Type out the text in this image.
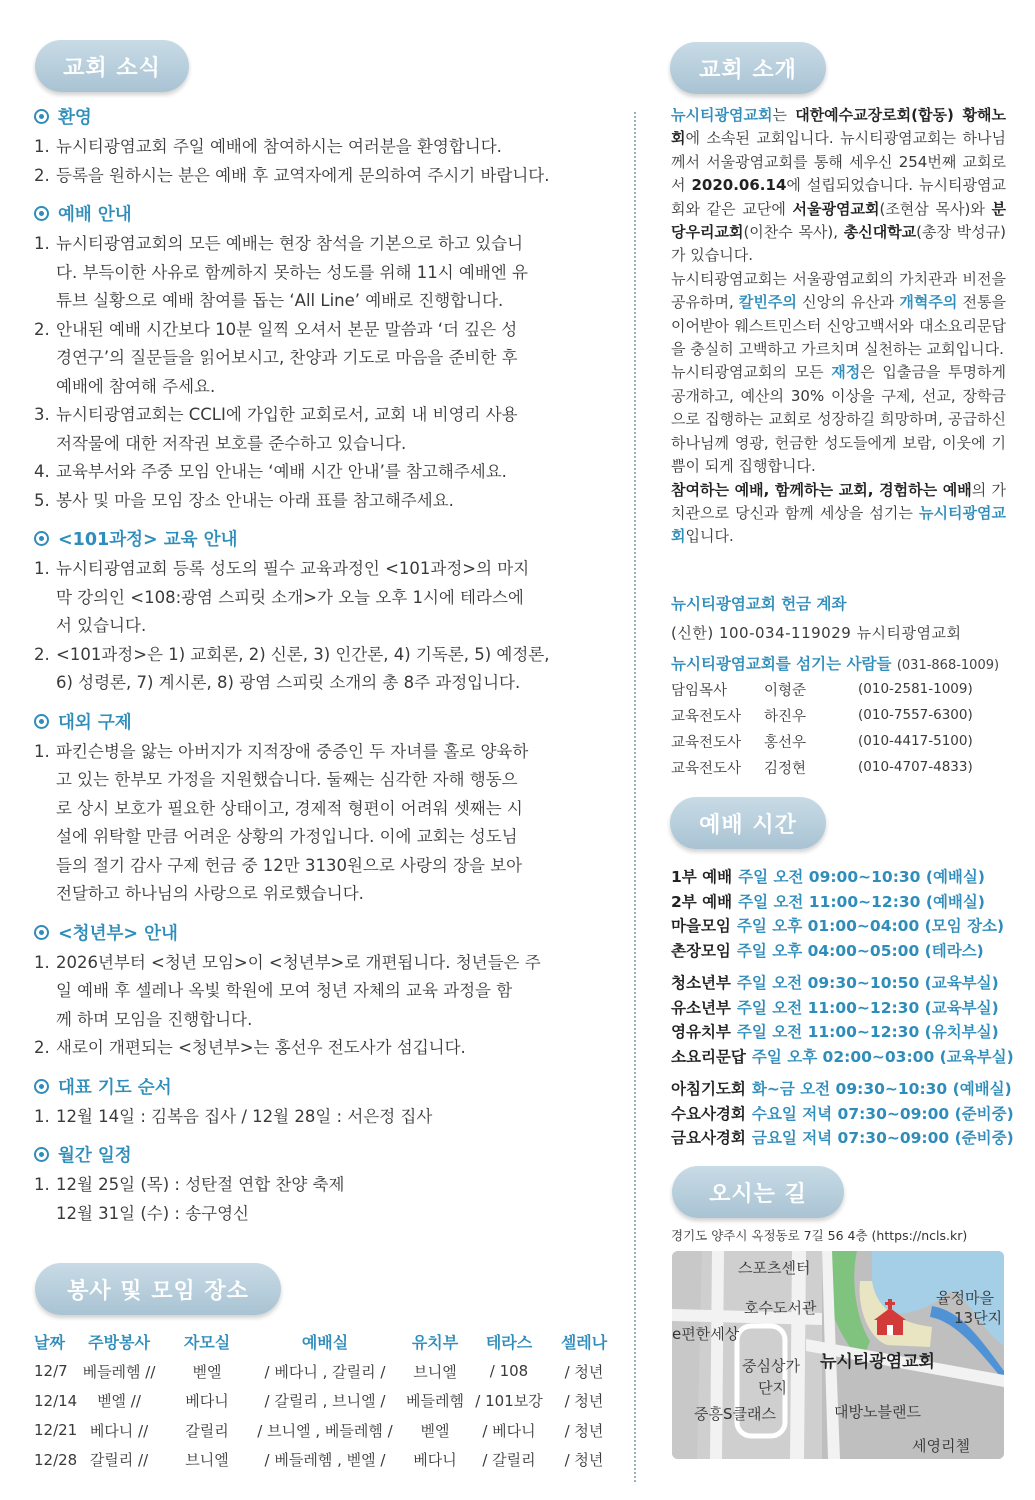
교회 소식	교회 소개
예배 시간
오시는 길
봉사 및 모임 장소
환영
1. 뉴시티광염교회 주일 예배에 참여하시는 여러분을 환영합니다.
2. 등록을 원하시는 분은 예배 후 교역자에게 문의하여 주시기 바랍니다.
예배 안내
1. 뉴시티광염교회의 모든 예배는 현장 참석을 기본으로 하고 있습니
다. 부득이한 사유로 함께하지 못하는 성도를 위해 11시 예배엔 유
튜브 실황으로 예배 참여를 돕는 ‘All Line’ 예배로 진행합니다.
2. 안내된 예배 시간보다 10분 일찍 오셔서 본문 말씀과 ‘더 깊은 성
경연구’의 질문들을 읽어보시고, 찬양과 기도로 마음을 준비한 후
예배에 참여해 주세요.
3. 뉴시티광염교회는 CCLI에 가입한 교회로서, 교회 내 비영리 사용
저작물에 대한 저작권 보호를 준수하고 있습니다.
4. 교육부서와 주중 모임 안내는 ‘예배 시간 안내’를 참고해주세요.
5. 봉사 및 마을 모임 장소 안내는 아래 표를 참고해주세요.
<101과정> 교육 안내
1. 뉴시티광염교회 등록 성도의 필수 교육과정인 <101과정>의 마지
막 강의인 <108:광염 스피릿 소개>가 오늘 오후 1시에 테라스에
서 있습니다.
2. <101과정>은 1) 교회론, 2) 신론, 3) 인간론, 4) 기독론, 5) 예정론,
6) 성령론, 7) 계시론, 8) 광염 스피릿 소개의 총 8주 과정입니다.
대외 구제
1. 파킨슨병을 앓는 아버지가 지적장애 중증인 두 자녀를 홀로 양육하
고 있는 한부모 가정을 지원했습니다. 둘째는 심각한 자해 행동으
로 상시 보호가 필요한 상태이고, 경제적 형편이 어려워 셋째는 시
설에 위탁할 만큼 어려운 상황의 가정입니다. 이에 교회는 성도님
들의 절기 감사 구제 헌금 중 12만 3130원으로 사랑의 장을 보아
전달하고 하나님의 사랑으로 위로했습니다.
<청년부> 안내
1. 2026년부터 <청년 모임>이 <청년부>로 개편됩니다. 청년들은 주
일 예배 후 셀레나 옥빛 학원에 모여 청년 자체의 교육 과정을 함
께 하며 모임을 진행합니다.
2. 새로이 개편되는 <청년부>는 홍선우 전도사가 섬깁니다.
대표 기도 순서
1. 12월 14일 : 김복음 집사 / 12월 28일 : 서은정 집사
월간 일정
1. 12월 25일 (목) : 성탄절 연합 찬양 축제
12월 31일 (수) : 송구영신
날짜	주방봉사	자모실	예배실	유치부	테라스	셀레나
12/7 베들레헴 //	벧엘	/ 베다니 , 갈릴리 /	브니엘	/ 108	/ 청년
12/14	벧엘 //	베다니	/ 갈릴리 , 브니엘 /	베들레헴 / 101보강	/ 청년
12/21 베다니 //	갈릴리	/ 브니엘 , 베들레헴 /	벧엘	/ 베다니	/ 청년
12/28 갈릴리 //	브니엘	/ 베들레헴 , 벧엘 /	베다니	/ 갈릴리	/ 청년

뉴시티광염교회는 대한예수교장로회(합동) 황해노회에 소속된 교회입니다. 뉴시티광염교회는 하나님께서 서울광염교회를 통해 세우신 254번째 교회로서 2020.06.14에 설립되었습니다. 뉴시티광염교회와 같은 교단에 서울광염교회(조현삼 목사)와 분당우리교회(이찬수 목사), 총신대학교(총장 박성규)가 있습니다.

뉴시티광염교회는 서울광염교회의 가치관과 비전을 공유하며, 칼빈주의 신앙의 유산과 개혁주의 전통을 이어받아 웨스트민스터 신앙고백서와 대소요리문답을 충실히 고백하고 가르치며 실천하는 교회입니다.

뉴시티광염교회의 모든 재정은 입출금을 투명하게 공개하고, 예산의 30% 이상을 구제, 선교, 장학금으로 집행하는 교회로 성장하길 희망하며, 공급하신 하나님께 영광, 헌금한 성도들에게 보람, 이웃에 기쁨이 되게 집행합니다.

참여하는 예배, 함께하는 교회, 경험하는 예배의 가치관으로 당신과 함께 세상을 섬기는 뉴시티광염교회입니다.

뉴시티광염교회 헌금 계좌
(신한) 100-034-119029 뉴시티광염교회
뉴시티광염교회를 섬기는 사람들 (031-868-1009)
담임목사	이형준	(010-2581-1009)
교육전도사	하진우	(010-7557-6300)
교육전도사	홍선우	(010-4417-5100)
교육전도사	김정현	(010-4707-4833)
1부 예배 주일 오전 09:00~10:30 (예배실)
2부 예배 주일 오전 11:00~12:30 (예배실)
마을모임 주일 오후 01:00~04:00 (모임 장소)
촌장모임 주일 오후 04:00~05:00 (테라스)
청소년부 주일 오전 09:30~10:50 (교육부실)
유소년부 주일 오전 11:00~12:30 (교육부실)
영유치부 주일 오전 11:00~12:30 (유치부실)
소요리문답 주일 오후 02:00~03:00 (교육부실)
아침기도회 화~금 오전 09:30~10:30 (예배실)
수요사경회 수요일 저녁 07:30~09:00 (준비중)
금요사경회 금요일 저녁 07:30~09:00 (준비중)
경기도 양주시 옥정동로 7길 56 4층 (https://ncls.kr)
스포츠센터
호수도서관
e편한세상
율정마을
13단지
중심상가
단지
뉴시티광염교회
중흥S클래스	대방노블랜드
세영리첼
